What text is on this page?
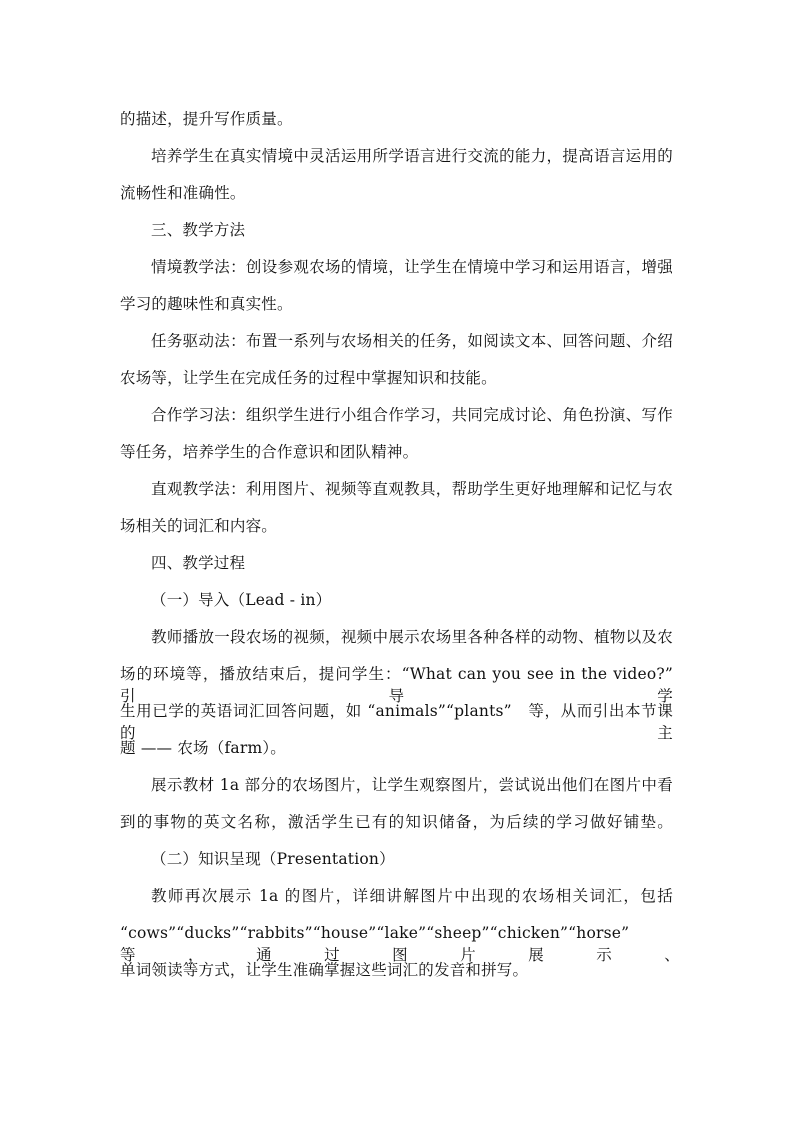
的描述，提升写作质量。
培养学生在真实情境中灵活运用所学语言进行交流的能力，提高语言运用的
流畅性和准确性。
三、教学方法
情境教学法：创设参观农场的情境，让学生在情境中学习和运用语言，增强
学习的趣味性和真实性。
任务驱动法：布置一系列与农场相关的任务，如阅读文本、回答问题、介绍
农场等，让学生在完成任务的过程中掌握知识和技能。
合作学习法：组织学生进行小组合作学习，共同完成讨论、角色扮演、写作
等任务，培养学生的合作意识和团队精神。
直观教学法：利用图片、视频等直观教具，帮助学生更好地理解和记忆与农
场相关的词汇和内容。
四、教学过程
（一）导入（Lead - in）
教师播放一段农场的视频，视频中展示农场里各种各样的动物、植物以及农
场的环境等，播放结束后，提问学生：“What can you see in the video?” 引导学
生用已学的英语词汇回答问题，如 “animals”“plants”　等，从而引出本节课的主
题 —— 农场（farm）。
展示教材 1a 部分的农场图片，让学生观察图片，尝试说出他们在图片中看
到的事物的英文名称，激活学生已有的知识储备，为后续的学习做好铺垫。
（二）知识呈现（Presentation）
教师再次展示 1a 的图片，详细讲解图片中出现的农场相关词汇，包括
“cows”“ducks”“rabbits”“house”“lake”“sheep”“chicken”“horse”　　等，通过图片展示、
单词领读等方式，让学生准确掌握这些词汇的发音和拼写。
